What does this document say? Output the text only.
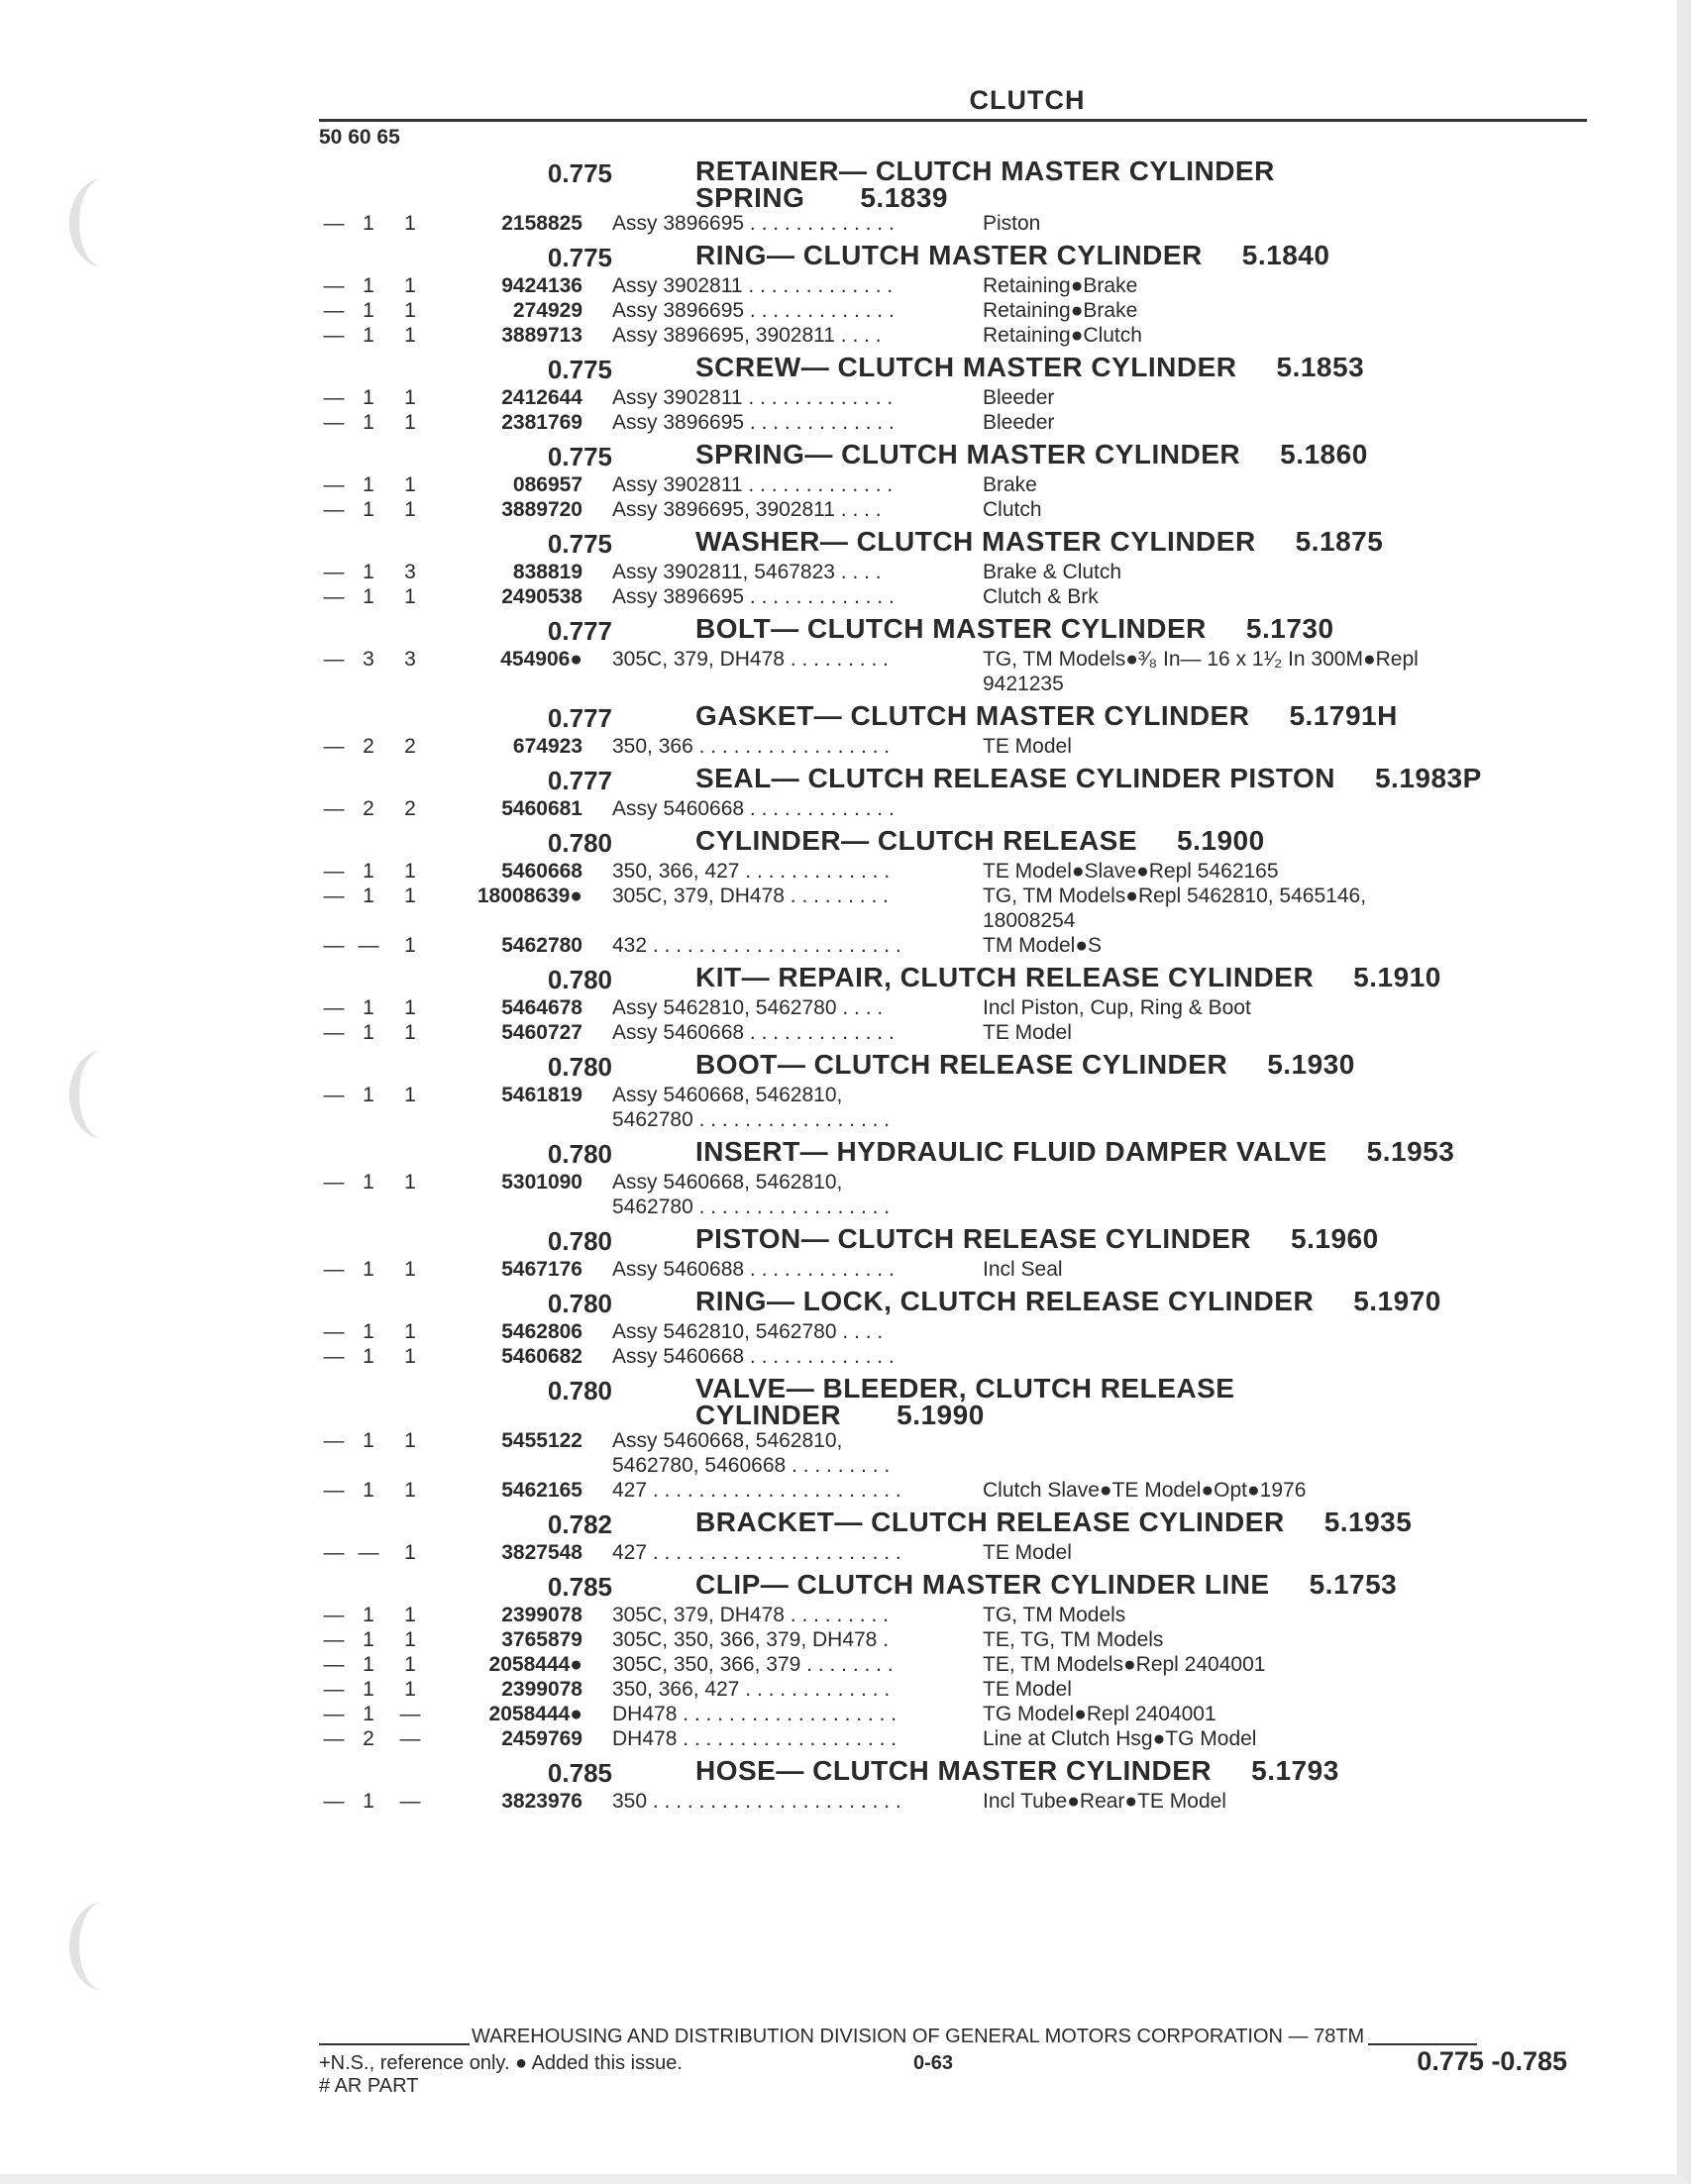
CLUTCH
50 60 65
0.775	RETAINER— CLUTCH MASTER CYLINDER
SPRING 5.1839
— 1	1	2158825 Assy 3896695 . . . . . . . . . . . . .	Piston
0.775	RING— CLUTCH MASTER CYLINDER 5.1840
— 1	1	9424136 Assy 3902811 . . . . . . . . . . . . .	Retaining●Brake
— 1	1	274929 Assy 3896695 . . . . . . . . . . . . .	Retaining●Brake
— 1	1	3889713 Assy 3896695, 3902811 . . . .	Retaining●Clutch
0.775	SCREW— CLUTCH MASTER CYLINDER 5.1853
— 1	1	2412644 Assy 3902811 . . . . . . . . . . . . .	Bleeder
— 1	1	2381769 Assy 3896695 . . . . . . . . . . . . .	Bleeder
0.775	SPRING— CLUTCH MASTER CYLINDER 5.1860
— 1	1	086957 Assy 3902811 . . . . . . . . . . . . .	Brake
— 1	1	3889720 Assy 3896695, 3902811 . . . .	Clutch
0.775	WASHER— CLUTCH MASTER CYLINDER 5.1875
— 1	3	838819 Assy 3902811, 5467823 . . . .	Brake & Clutch
— 1	1	2490538 Assy 3896695 . . . . . . . . . . . . .	Clutch & Brk
0.777	BOLT— CLUTCH MASTER CYLINDER 5.1730
— 3	3	454906● 305C, 379, DH478 . . . . . . . . .	TG, TM Models●³⁄₈ In— 16 x 1¹⁄₂ In 300M●Repl
9421235
0.777	GASKET— CLUTCH MASTER CYLINDER 5.1791H
— 2	2	674923 350, 366 . . . . . . . . . . . . . . . . .	TE Model
0.777	SEAL— CLUTCH RELEASE CYLINDER PISTON 5.1983P
— 2	2	5460681 Assy 5460668 . . . . . . . . . . . . .
0.780	CYLINDER— CLUTCH RELEASE 5.1900
— 1	1	5460668 350, 366, 427 . . . . . . . . . . . . .	TE Model●Slave●Repl 5462165
— 1	1	18008639● 305C, 379, DH478 . . . . . . . . .	TG, TM Models●Repl 5462810, 5465146,
18008254
— —	1	5462780 432 . . . . . . . . . . . . . . . . . . . . . .	TM Model●S
0.780	KIT— REPAIR, CLUTCH RELEASE CYLINDER 5.1910
— 1	1	5464678 Assy 5462810, 5462780 . . . .	Incl Piston, Cup, Ring & Boot
— 1	1	5460727 Assy 5460668 . . . . . . . . . . . . .	TE Model
0.780	BOOT— CLUTCH RELEASE CYLINDER 5.1930
— 1	1	5461819 Assy 5460668, 5462810,
5462780 . . . . . . . . . . . . . . . . .
0.780	INSERT— HYDRAULIC FLUID DAMPER VALVE 5.1953
— 1	1	5301090 Assy 5460668, 5462810,
5462780 . . . . . . . . . . . . . . . . .
0.780	PISTON— CLUTCH RELEASE CYLINDER 5.1960
— 1	1	5467176 Assy 5460688 . . . . . . . . . . . . .	Incl Seal
0.780	RING— LOCK, CLUTCH RELEASE CYLINDER 5.1970
— 1	1	5462806 Assy 5462810, 5462780 . . . .
— 1	1	5460682 Assy 5460668 . . . . . . . . . . . . .
0.780	VALVE— BLEEDER, CLUTCH RELEASE
CYLINDER 5.1990
— 1	1	5455122 Assy 5460668, 5462810,
5462780, 5460668 . . . . . . . . .
— 1	1	5462165 427 . . . . . . . . . . . . . . . . . . . . . .	Clutch Slave●TE Model●Opt●1976
0.782	BRACKET— CLUTCH RELEASE CYLINDER 5.1935
— —	1	3827548 427 . . . . . . . . . . . . . . . . . . . . . .	TE Model
0.785	CLIP— CLUTCH MASTER CYLINDER LINE 5.1753
— 1	1	2399078 305C, 379, DH478 . . . . . . . . .	TG, TM Models
— 1	1	3765879 305C, 350, 366, 379, DH478 .	TE, TG, TM Models
— 1	1	2058444● 305C, 350, 366, 379 . . . . . . . .	TE, TM Models●Repl 2404001
— 1	1	2399078 350, 366, 427 . . . . . . . . . . . . .	TE Model
— 1	—	2058444● DH478 . . . . . . . . . . . . . . . . . . .	TG Model●Repl 2404001
— 2	—	2459769 DH478 . . . . . . . . . . . . . . . . . . .	Line at Clutch Hsg●TG Model
0.785	HOSE— CLUTCH MASTER CYLINDER 5.1793
— 1	—	3823976 350 . . . . . . . . . . . . . . . . . . . . . .	Incl Tube●Rear●TE Model
WAREHOUSING AND DISTRIBUTION DIVISION OF GENERAL MOTORS CORPORATION — 78TM
+N.S., reference only. ● Added this issue.
# AR PART
0-63	0.775 -0.785
